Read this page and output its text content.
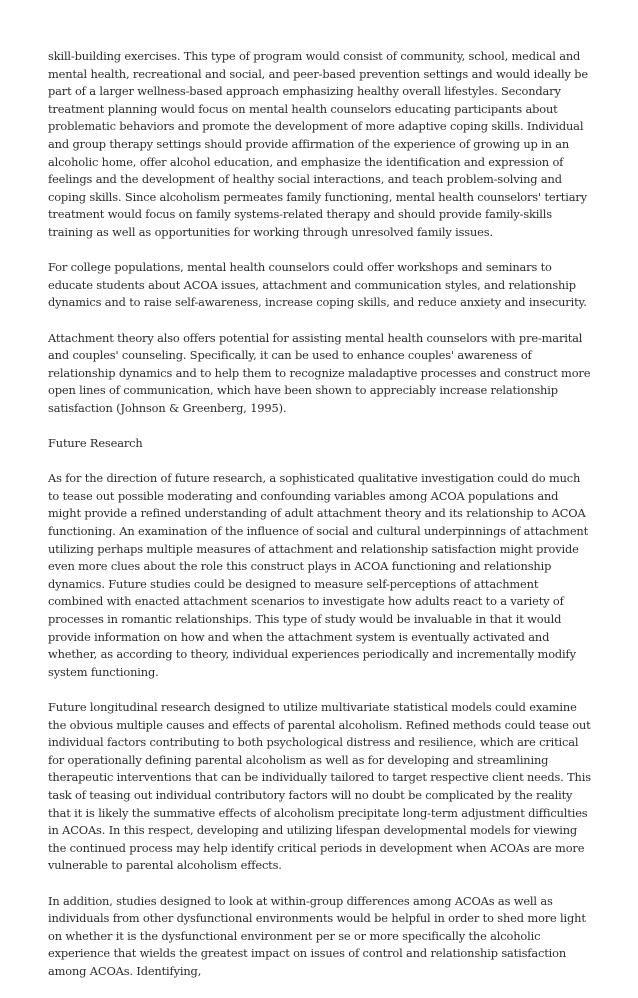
skill-building exercises. This type of program would consist of community, school, medical and mental health, recreational and social, and peer-based prevention settings and would ideally be part of a larger wellness-based approach emphasizing healthy overall lifestyles. Secondary treatment planning would focus on mental health counselors educating participants about problematic behaviors and promote the development of more adaptive coping skills. Individual and group therapy settings should provide affirmation of the experience of growing up in an alcoholic home, offer alcohol education, and emphasize the identification and expression of feelings and the development of healthy social interactions, and teach problem-solving and coping skills. Since alcoholism permeates family functioning, mental health counselors' tertiary treatment would focus on family systems-related therapy and should provide family-skills training as well as opportunities for working through unresolved family issues.

For college populations, mental health counselors could offer workshops and seminars to educate students about ACOA issues, attachment and communication styles, and relationship dynamics and to raise self-awareness, increase coping skills, and reduce anxiety and insecurity.

Attachment theory also offers potential for assisting mental health counselors with pre-marital and couples' counseling. Specifically, it can be used to enhance couples' awareness of relationship dynamics and to help them to recognize maladaptive processes and construct more open lines of communication, which have been shown to appreciably increase relationship satisfaction (Johnson & Greenberg, 1995).

Future Research

As for the direction of future research, a sophisticated qualitative investigation could do much to tease out possible moderating and confounding variables among ACOA populations and might provide a refined understanding of adult attachment theory and its relationship to ACOA functioning. An examination of the influence of social and cultural underpinnings of attachment utilizing perhaps multiple measures of attachment and relationship satisfaction might provide even more clues about the role this construct plays in ACOA functioning and relationship dynamics. Future studies could be designed to measure self-perceptions of attachment combined with enacted attachment scenarios to investigate how adults react to a variety of processes in romantic relationships. This type of study would be invaluable in that it would provide information on how and when the attachment system is eventually activated and whether, as according to theory, individual experiences periodically and incrementally modify system functioning.

Future longitudinal research designed to utilize multivariate statistical models could examine the obvious multiple causes and effects of parental alcoholism. Refined methods could tease out individual factors contributing to both psychological distress and resilience, which are critical for operationally defining parental alcoholism as well as for developing and streamlining therapeutic interventions that can be individually tailored to target respective client needs. This task of teasing out individual contributory factors will no doubt be complicated by the reality that it is likely the summative effects of alcoholism precipitate long-term adjustment difficulties in ACOAs. In this respect, developing and utilizing lifespan developmental models for viewing the continued process may help identify critical periods in development when ACOAs are more vulnerable to parental alcoholism effects.

In addition, studies designed to look at within-group differences among ACOAs as well as individuals from other dysfunctional environments would be helpful in order to shed more light on whether it is the dysfunctional environment per se or more specifically the alcoholic experience that wields the greatest impact on issues of control and relationship satisfaction among ACOAs. Identifying,
